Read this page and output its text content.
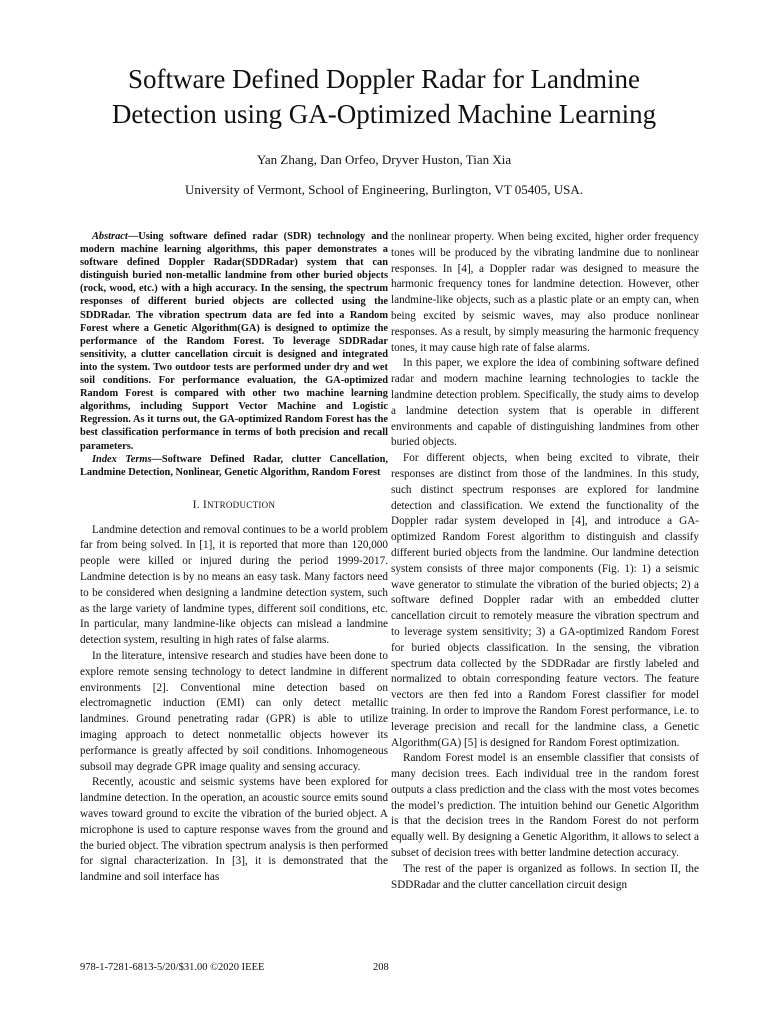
Software Defined Doppler Radar for Landmine
Detection using GA-Optimized Machine Learning
Yan Zhang, Dan Orfeo, Dryver Huston, Tian Xia
University of Vermont, School of Engineering, Burlington, VT 05405, USA.

Abstract—Using software defined radar (SDR) technology and modern machine learning algorithms, this paper demonstrates a software defined Doppler Radar(SDDRadar) system that can distinguish buried non-metallic landmine from other buried objects (rock, wood, etc.) with a high accuracy. In the sensing, the spectrum responses of different buried objects are collected using the SDDRadar. The vibration spectrum data are fed into a Random Forest where a Genetic Algorithm(GA) is designed to optimize the performance of the Random Forest. To leverage SDDRadar sensitivity, a clutter cancellation circuit is designed and integrated into the system. Two outdoor tests are performed under dry and wet soil conditions. For performance evaluation, the GA-optimized Random Forest is compared with other two machine learning algorithms, including Support Vector Machine and Logistic Regression. As it turns out, the GA-optimized Random Forest has the best classification performance in terms of both precision and recall parameters.

Index Terms—Software Defined Radar, clutter Cancellation, Landmine Detection, Nonlinear, Genetic Algorithm, Random Forest

I. INTRODUCTION

Landmine detection and removal continues to be a world problem far from being solved. In [1], it is reported that more than 120,000 people were killed or injured during the period 1999-2017. Landmine detection is by no means an easy task. Many factors need to be considered when designing a landmine detection system, such as the large variety of landmine types, different soil conditions, etc. In particular, many landmine-like objects can mislead a landmine detection system, resulting in high rates of false alarms.

In the literature, intensive research and studies have been done to explore remote sensing technology to detect landmine in different environments [2]. Conventional mine detection based on electromagnetic induction (EMI) can only detect metallic landmines. Ground penetrating radar (GPR) is able to utilize imaging approach to detect nonmetallic objects however its performance is greatly affected by soil conditions. Inhomogeneous subsoil may degrade GPR image quality and sensing accuracy.

Recently, acoustic and seismic systems have been explored for landmine detection. In the operation, an acoustic source emits sound waves toward ground to excite the vibration of the buried object. A microphone is used to capture response waves from the ground and the buried object. The vibration spectrum analysis is then performed for signal characterization. In [3], it is demonstrated that the landmine and soil interface has

the nonlinear property. When being excited, higher order frequency tones will be produced by the vibrating landmine due to nonlinear responses. In [4], a Doppler radar was designed to measure the harmonic frequency tones for landmine detection. However, other landmine-like objects, such as a plastic plate or an empty can, when being excited by seismic waves, may also produce nonlinear responses. As a result, by simply measuring the harmonic frequency tones, it may cause high rate of false alarms.

In this paper, we explore the idea of combining software defined radar and modern machine learning technologies to tackle the landmine detection problem. Specifically, the study aims to develop a landmine detection system that is operable in different environments and capable of distinguishing landmines from other buried objects.

For different objects, when being excited to vibrate, their responses are distinct from those of the landmines. In this study, such distinct spectrum responses are explored for landmine detection and classification. We extend the functionality of the Doppler radar system developed in [4], and introduce a GA-optimized Random Forest algorithm to distinguish and classify different buried objects from the landmine. Our landmine detection system consists of three major components (Fig. 1): 1) a seismic wave generator to stimulate the vibration of the buried objects; 2) a software defined Doppler radar with an embedded clutter cancellation circuit to remotely measure the vibration spectrum and to leverage system sensitivity; 3) a GA-optimized Random Forest for buried objects classification. In the sensing, the vibration spectrum data collected by the SDDRadar are firstly labeled and normalized to obtain corresponding feature vectors. The feature vectors are then fed into a Random Forest classifier for model training. In order to improve the Random Forest performance, i.e. to leverage precision and recall for the landmine class, a Genetic Algorithm(GA) [5] is designed for Random Forest optimization.

Random Forest model is an ensemble classifier that consists of many decision trees. Each individual tree in the random forest outputs a class prediction and the class with the most votes becomes the model’s prediction. The intuition behind our Genetic Algorithm is that the decision trees in the Random Forest do not perform equally well. By designing a Genetic Algorithm, it allows to select a subset of decision trees with better landmine detection accuracy.

The rest of the paper is organized as follows. In section II, the SDDRadar and the clutter cancellation circuit design

978-1-7281-6813-5/20/$31.00 ©2020 IEEE	208
